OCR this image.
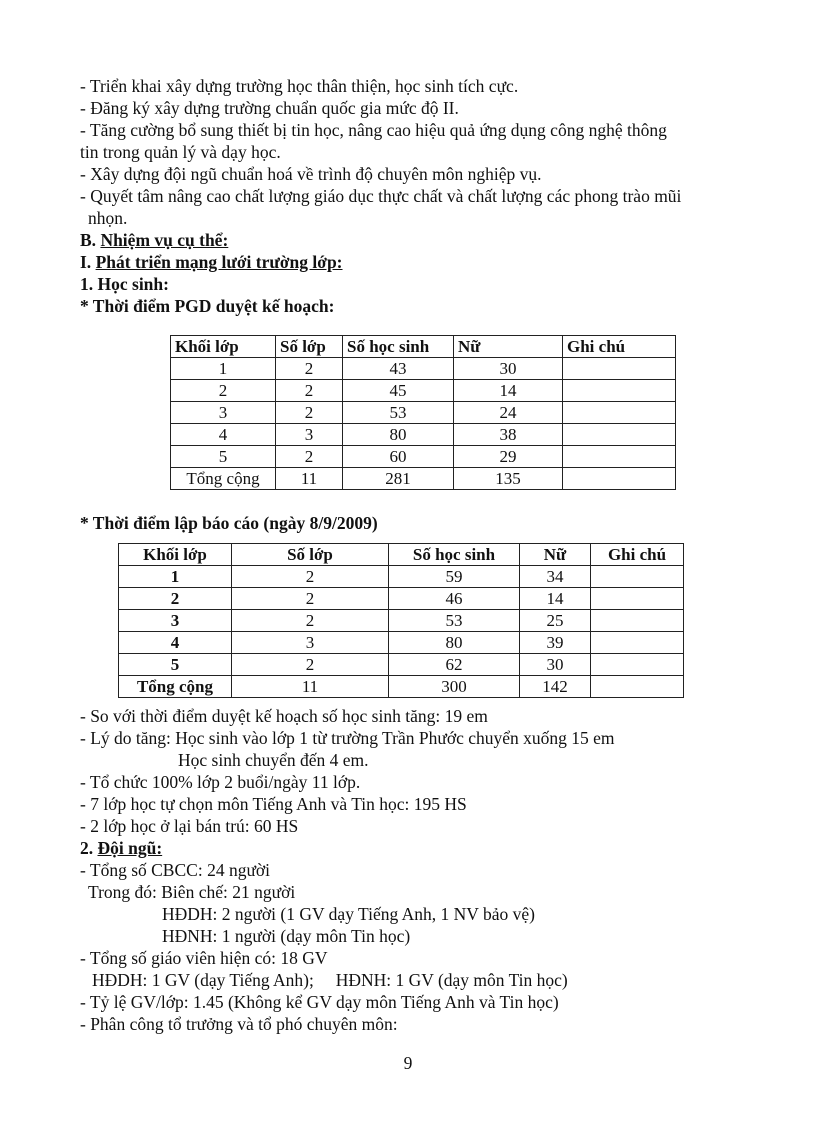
- Triển khai xây dựng trường học thân thiện, học sinh tích cực.
- Đăng ký xây dựng trường chuẩn quốc gia mức độ II.
- Tăng cường bổ sung thiết bị tin học, nâng cao hiệu quả ứng dụng công nghệ thông
tin trong quản lý và dạy học.
- Xây dựng đội ngũ chuẩn hoá về trình độ chuyên môn nghiệp vụ.
- Quyết tâm nâng cao chất lượng giáo dục thực chất và chất lượng các phong trào mũi
nhọn.
B. Nhiệm vụ cụ thể:
I. Phát triển mạng lưới trường lớp:
1. Học sinh:
* Thời điểm PGD duyệt kế hoạch:
Khối lớp	Số lớp	Số học sinh	Nữ	Ghi chú
1	2	43	30	
2	2	45	14	
3	2	53	24	
4	3	80	38	
5	2	60	29	
Tổng cộng	11	281	135	
* Thời điểm lập báo cáo (ngày 8/9/2009)
Khối lớp	Số lớp	Số học sinh	Nữ	Ghi chú
1	2	59	34	
2	2	46	14	
3	2	53	25	
4	3	80	39	
5	2	62	30	
Tổng cộng	11	300	142	
- So với thời điểm duyệt kế hoạch số học sinh tăng: 19 em
- Lý do tăng: Học sinh vào lớp 1 từ trường Trần Phước chuyển xuống 15 em
Học sinh chuyển đến 4 em.
- Tổ chức 100% lớp 2 buổi/ngày 11 lớp.
- 7 lớp học tự chọn môn Tiếng Anh và Tin học: 195 HS
- 2 lớp học ở lại bán trú: 60 HS
2. Đội ngũ:
- Tổng số CBCC: 24 người
Trong đó: Biên chế: 21 người
HĐDH: 2 người (1 GV dạy Tiếng Anh, 1 NV bảo vệ)
HĐNH: 1 người (dạy môn Tin học)
- Tổng số giáo viên hiện có: 18 GV
HĐDH: 1 GV (dạy Tiếng Anh);     HĐNH: 1 GV (dạy môn Tin học)
- Tỷ lệ GV/lớp: 1.45 (Không kể GV dạy môn Tiếng Anh và Tin học)
- Phân công tổ trưởng và tổ phó chuyên môn:
9
